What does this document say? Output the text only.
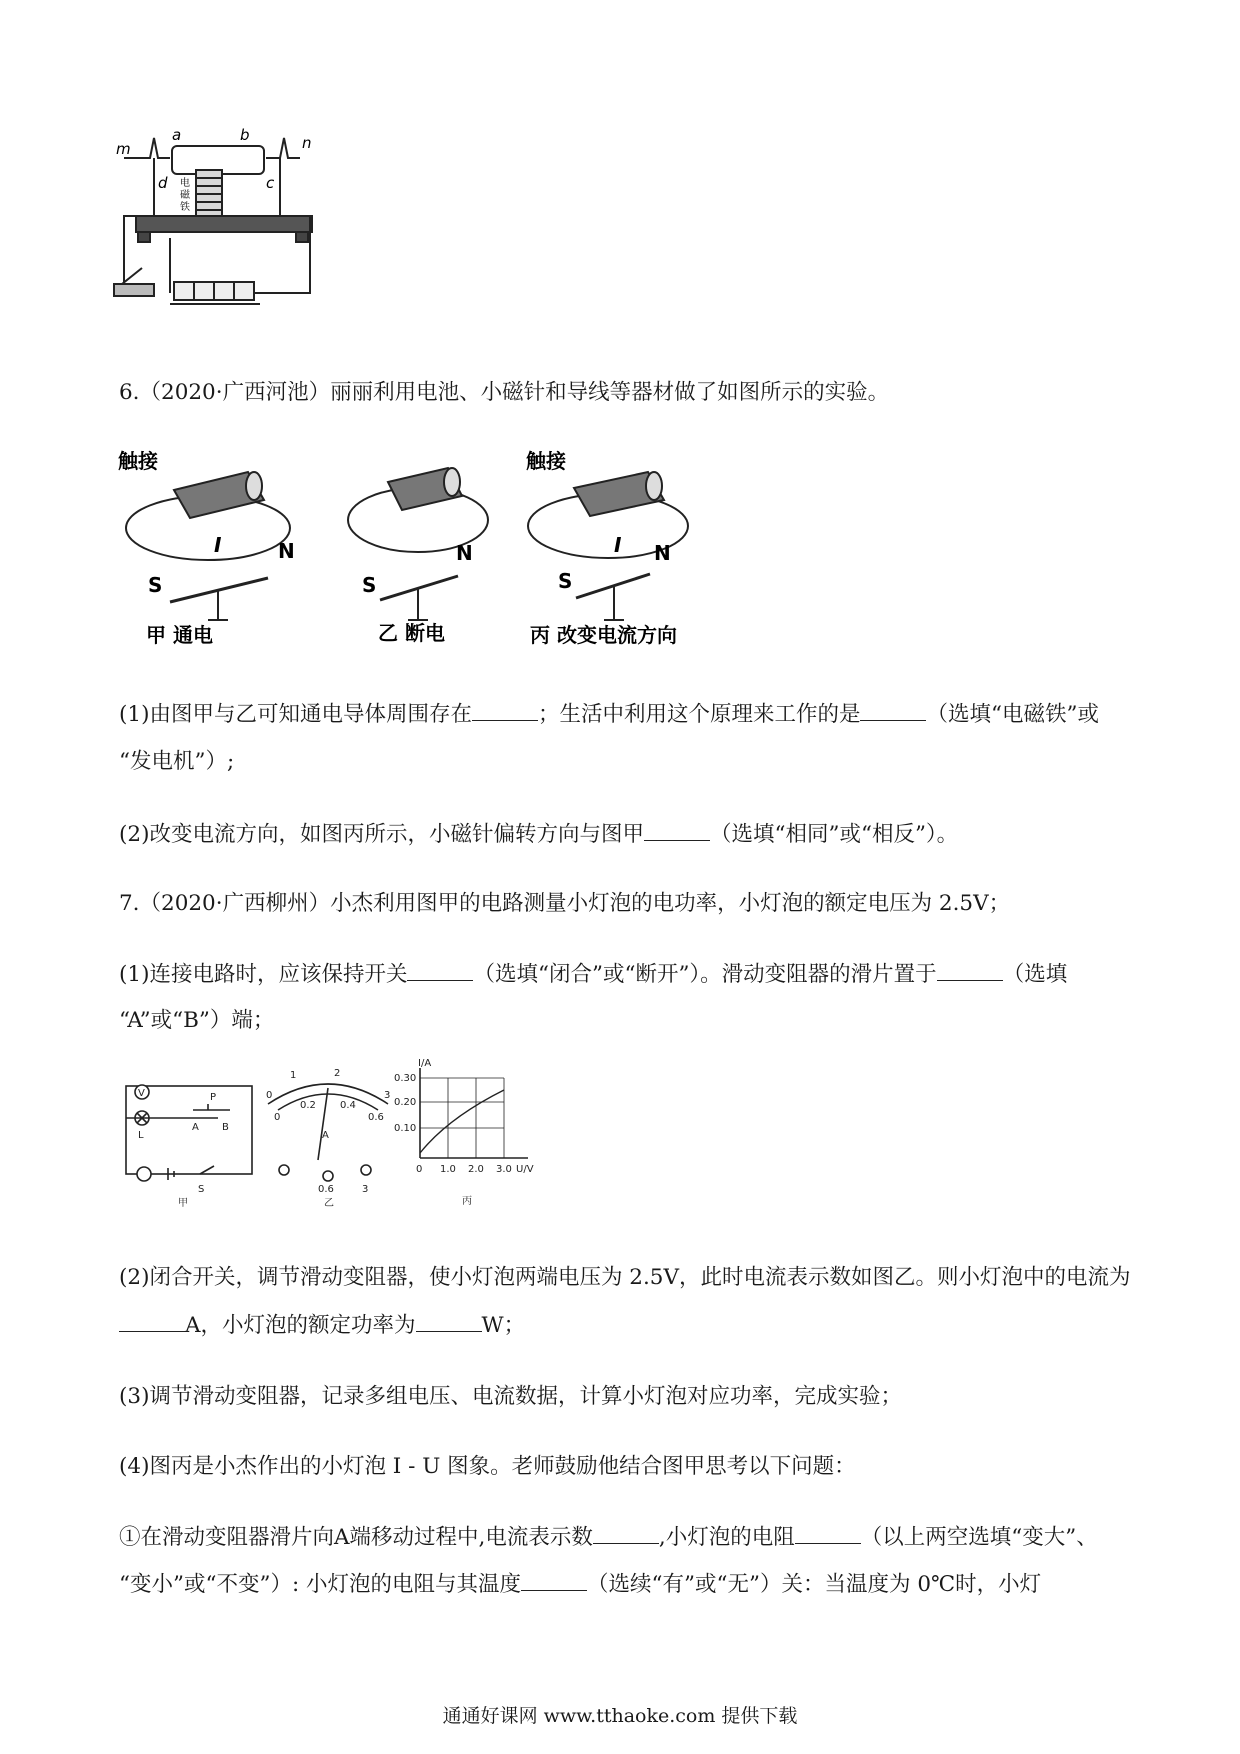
m
a	b	n
d	c
电
磁
铁
6.（2020·广西河池）丽丽利用电池、小磁针和导线等器材做了如图所示的实验。
触接
I
S
N
S
N
触接
I
S
N
甲 通电	乙 断电	丙 改变电流方向
(1)由图甲与乙可知通电导体周围存在	；生活中利用这个原理来工作的是	（选填“电磁铁”或
“发电机”）;
(2)改变电流方向，如图丙所示，小磁针偏转方向与图甲	（选填“相同”或“相反”）。
7.（2020·广西柳州）小杰利用图甲的电路测量小灯泡的电功率，小灯泡的额定电压为 2.5V；
(1)连接电路时，应该保持开关	（选填“闭合”或“断开”）。滑动变阻器的滑片置于	（选填
“A”或“B”）端；
V
L
P
A B
S
甲
0
1	2
3
0
0.2 0.4
0.6
A
0.6	3
乙
I/A
0.30
0.20
0.10
0 1.0 2.0 3.0 U/V
丙
(2)闭合开关，调节滑动变阻器，使小灯泡两端电压为 2.5V，此时电流表示数如图乙。则小灯泡中的电流为
A，小灯泡的额定功率为	W；
(3)调节滑动变阻器，记录多组电压、电流数据，计算小灯泡对应功率，完成实验；
(4)图丙是小杰作出的小灯泡 I - U 图象。老师鼓励他结合图甲思考以下问题：
①在滑动变阻器滑片向A端移动过程中,电流表示数	,小灯泡的电阻	（以上两空选填“变大”、
“变小”或“不变”）: 小灯泡的电阻与其温度	（选续“有”或“无”）关：当温度为 0℃时，小灯
通通好课网 www.tthaoke.com 提供下载
